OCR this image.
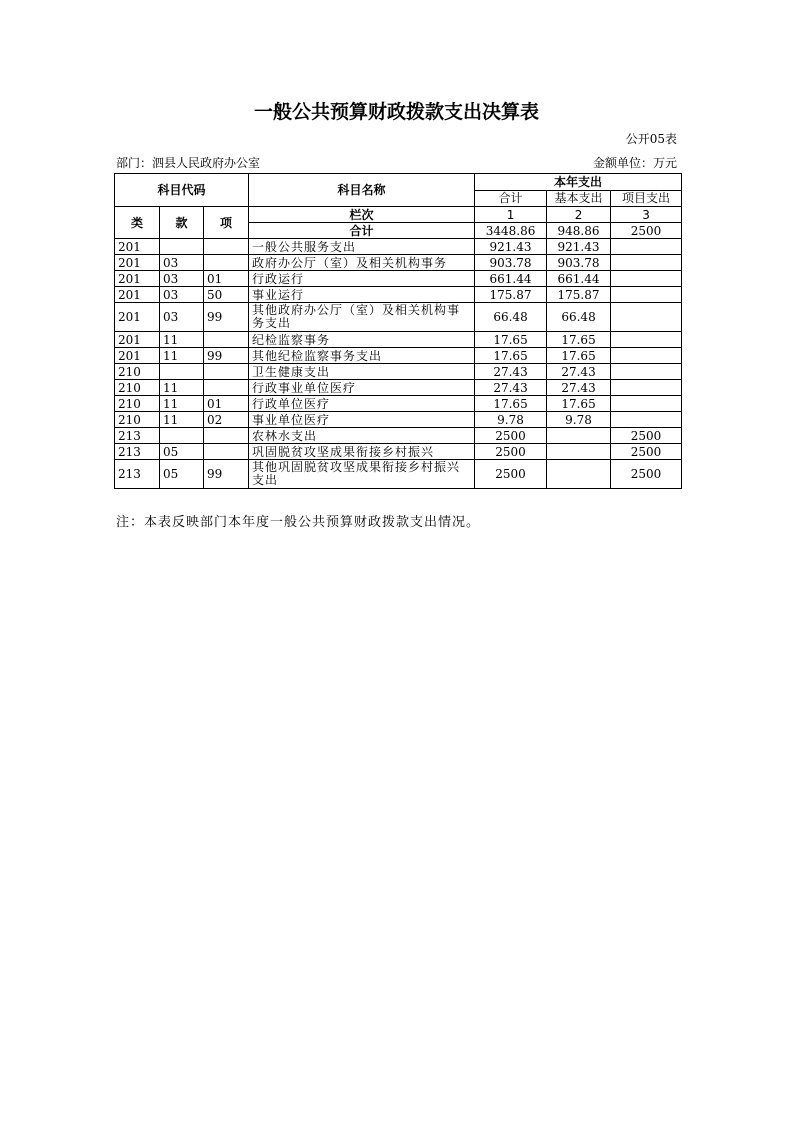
一般公共预算财政拨款支出决算表
公开05表
部门：泗县人民政府办公室	金额单位：万元
科目代码			科目名称	本年支出		
				合计	基本支出	项目支出
类	款	项	栏次	1	2	3
			合计	3448.86	948.86	2500
201			一般公共服务支出	921.43	921.43	
201	03		政府办公厅（室）及相关机构事务	903.78	903.78	
201	03	01	行政运行	661.44	661.44	
201	03	50	事业运行	175.87	175.87	
201	03	99	其他政府办公厅（室）及相关机构事务支出	66.48	66.48	
201	11		纪检监察事务	17.65	17.65	
201	11	99	其他纪检监察事务支出	17.65	17.65	
210			卫生健康支出	27.43	27.43	
210	11		行政事业单位医疗	27.43	27.43	
210	11	01	行政单位医疗	17.65	17.65	
210	11	02	事业单位医疗	9.78	9.78	
213			农林水支出	2500		2500
213	05		巩固脱贫攻坚成果衔接乡村振兴	2500		2500
213	05	99	其他巩固脱贫攻坚成果衔接乡村振兴支出	2500		2500
注：本表反映部门本年度一般公共预算财政拨款支出情况。
